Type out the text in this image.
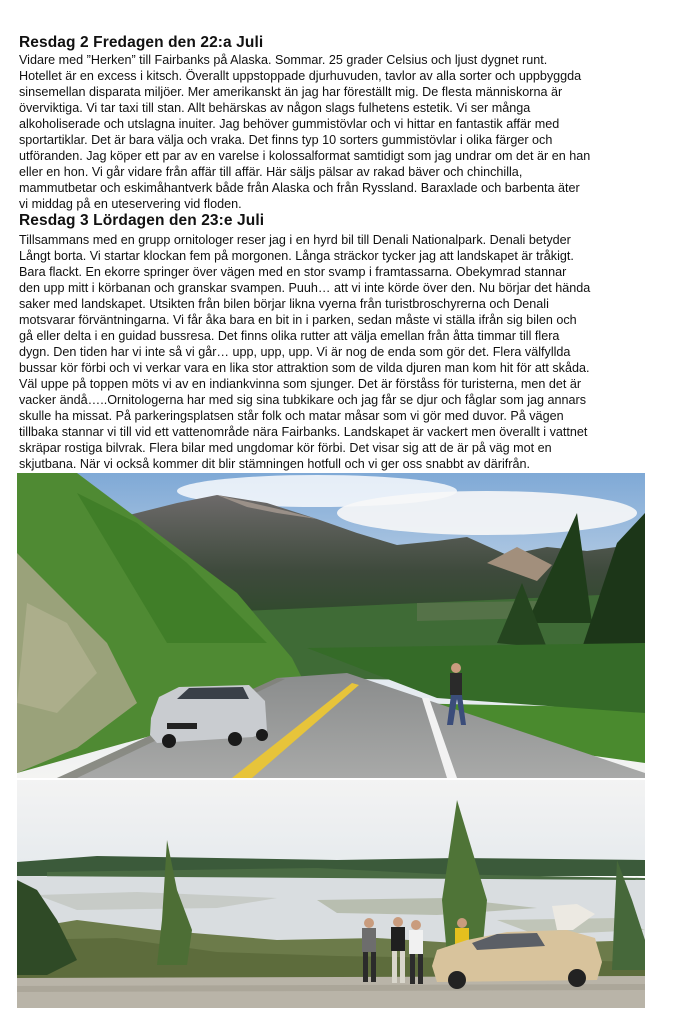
Resdag 2 Fredagen den 22:a Juli
Vidare med ”Herken” till Fairbanks på Alaska. Sommar. 25 grader Celsius och ljust dygnet runt.
Hotellet är en excess i kitsch. Överallt uppstoppade djurhuvuden, tavlor av alla sorter och uppbyggda
sinsemellan disparata miljöer. Mer amerikanskt än jag har föreställt mig. De flesta människorna är
överviktiga. Vi tar taxi till stan. Allt behärskas av någon slags fulhetens estetik. Vi ser många
alkoholiserade och utslagna inuiter. Jag behöver gummistövlar och vi hittar en fantastik affär med
sportartiklar. Det är bara välja och vraka. Det finns typ 10 sorters gummistövlar i olika färger och
utföranden. Jag köper ett par av en varelse i kolossalformat samtidigt som jag undrar om det är en han
eller en hon. Vi går vidare från affär till affär. Här säljs pälsar av rakad bäver och chinchilla,
mammutbetar och eskimåhantverk både från Alaska och från Ryssland. Baraxlade och barbenta äter
vi middag på en uteservering vid floden.
Resdag 3 Lördagen den 23:e Juli
Tillsammans med en grupp ornitologer reser jag i en hyrd bil till Denali Nationalpark. Denali betyder
Långt borta. Vi startar klockan fem på morgonen. Långa sträckor tycker jag att landskapet är tråkigt.
Bara flackt. En ekorre springer över vägen med en stor svamp i framtassarna. Obekymrad stannar
den upp mitt i körbanan och granskar svampen. Puuh… att vi inte körde över den. Nu börjar det hända
saker med landskapet. Utsikten från bilen börjar likna vyerna från turistbroschyrerna och Denali
motsvarar förväntningarna. Vi får åka bara en bit in i parken, sedan måste vi ställa ifrån sig bilen och
gå eller delta i en guidad bussresa. Det finns olika rutter att välja emellan från åtta timmar till flera
dygn. Den tiden har vi inte så vi går… upp, upp, upp. Vi är nog de enda som gör det. Flera välfyllda
bussar kör förbi och vi verkar vara en lika stor attraktion som de vilda djuren man kom hit för att skåda.
Väl uppe på toppen möts vi av en indiankvinna som sjunger. Det är förståss för turisterna, men det är
vacker ändå…..Ornitologerna har med sig sina tubkikare och jag får se djur och fåglar som jag annars
skulle ha missat. På parkeringsplatsen står folk och matar måsar som vi gör med duvor. På vägen
tillbaka stannar vi till vid ett vattenområde nära Fairbanks. Landskapet är vackert men överallt i vattnet
skräpar rostiga bilvrak. Flera bilar med ungdomar kör förbi. Det visar sig att de är på väg mot en
skjutbana. När vi också kommer dit blir stämningen hotfull och vi ger oss snabbt av därifrån.
